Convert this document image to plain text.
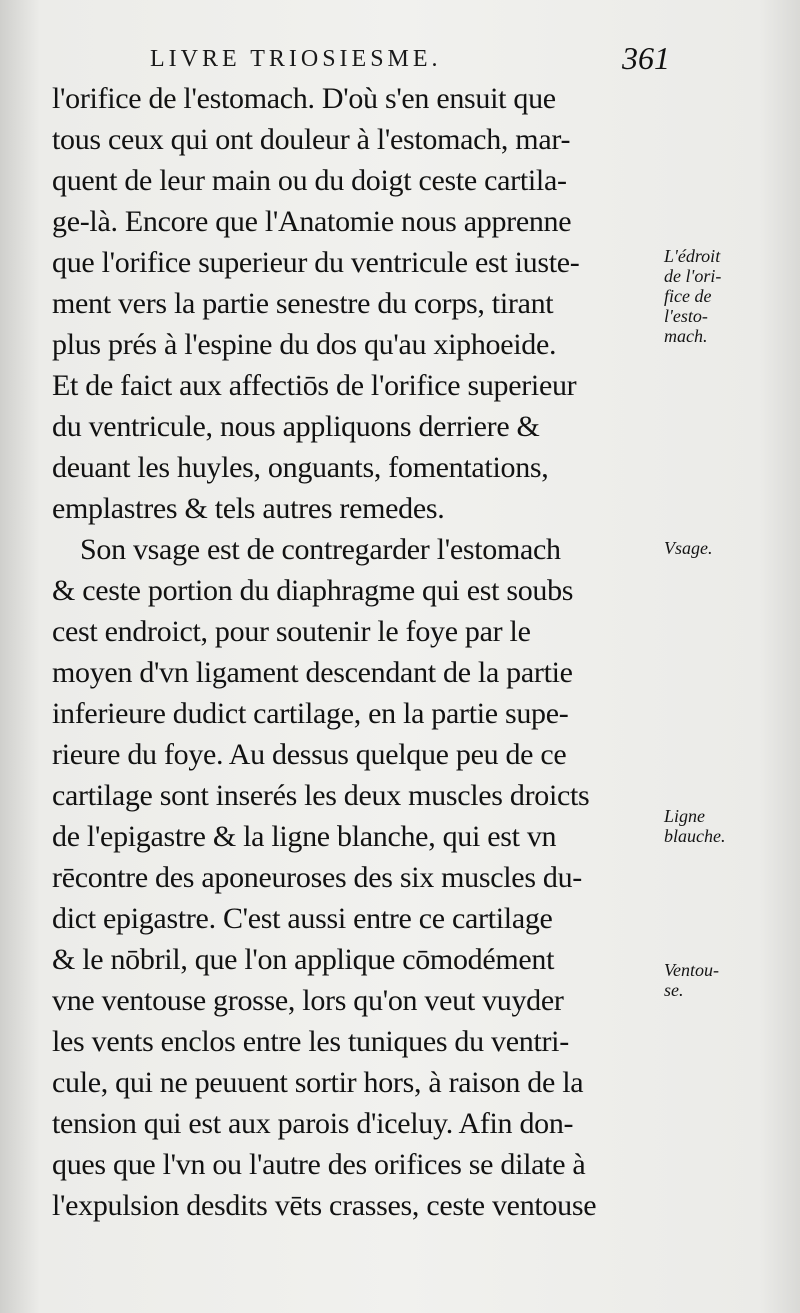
LIVRE TRIOSIESME.	361
l'orifice de l'estomach. D'où s'en ensuit que
tous ceux qui ont douleur à l'estomach, mar-
quent de leur main ou du doigt ceste cartila-
ge-là. Encore que l'Anatomie nous apprenne
que l'orifice superieur du ventricule est iuste-
ment vers la partie senestre du corps, tirant
plus prés à l'espine du dos qu'au xiphoeide.
Et de faict aux affectiōs de l'orifice superieur
du ventricule, nous appliquons derriere &
deuant les huyles, onguants, fomentations,
emplastres & tels autres remedes.
Son vsage est de contregarder l'estomach
& ceste portion du diaphragme qui est soubs
cest endroict, pour soutenir le foye par le
moyen d'vn ligament descendant de la partie
inferieure dudict cartilage, en la partie supe-
rieure du foye. Au dessus quelque peu de ce
cartilage sont inserés les deux muscles droicts
de l'epigastre & la ligne blanche, qui est vn
rēcontre des aponeuroses des six muscles du-
dict epigastre. C'est aussi entre ce cartilage
& le nōbril, que l'on applique cōmodément
vne ventouse grosse, lors qu'on veut vuyder
les vents enclos entre les tuniques du ventri-
cule, qui ne peuuent sortir hors, à raison de la
tension qui est aux parois d'iceluy. Afin don-
ques que l'vn ou l'autre des orifices se dilate à
l'expulsion desdits vēts crasses, ceste ventouse
L'édroit
de l'ori-
fice de
l'esto-
mach.
Vsage.
Ligne
blauche.
Ventou-
se.
